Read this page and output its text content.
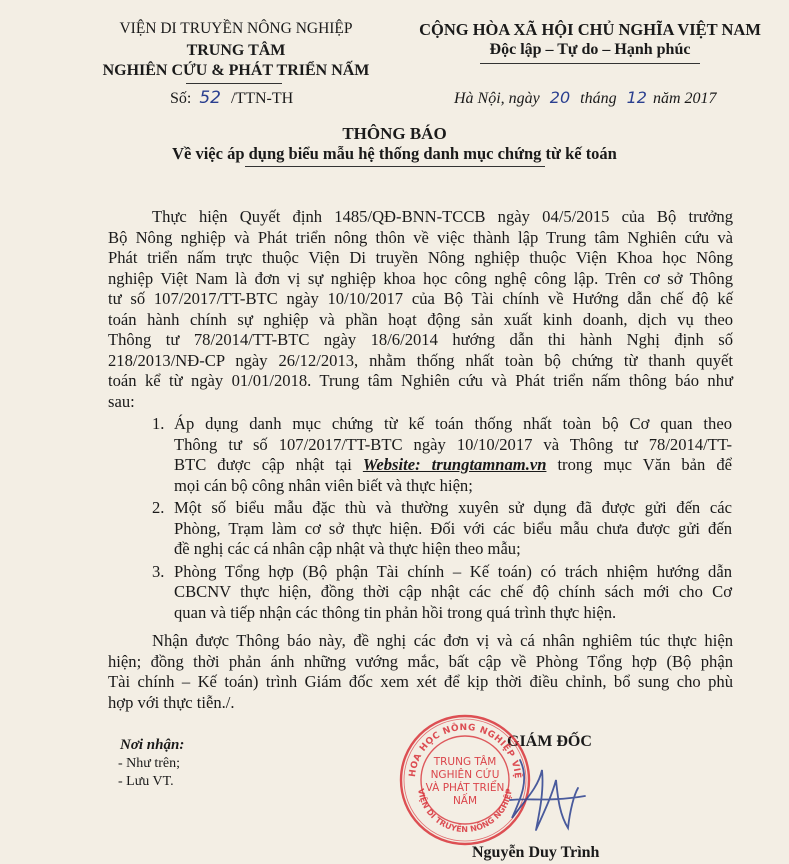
VIỆN DI TRUYỀN NÔNG NGHIỆP
TRUNG TÂM
NGHIÊN CỨU & PHÁT TRIỂN NẤM
Số: 52 /TTN-TH
CỘNG HÒA XÃ HỘI CHỦ NGHĨA VIỆT NAM
Độc lập – Tự do – Hạnh phúc
Hà Nội, ngày 20 tháng 12 năm 2017
THÔNG BÁO
Về việc áp dụng biểu mẫu hệ thống danh mục chứng từ kế toán
Thực hiện Quyết định 1485/QĐ-BNN-TCCB ngày 04/5/2015 của Bộ trưởng
Bộ Nông nghiệp và Phát triển nông thôn về việc thành lập Trung tâm Nghiên cứu và
Phát triển nấm trực thuộc Viện Di truyền Nông nghiệp thuộc Viện Khoa học Nông
nghiệp Việt Nam là đơn vị sự nghiệp khoa học công nghệ công lập. Trên cơ sở Thông
tư số 107/2017/TT-BTC ngày 10/10/2017 của Bộ Tài chính về Hướng dẫn chế độ kế
toán hành chính sự nghiệp và phần hoạt động sản xuất kinh doanh, dịch vụ theo
Thông tư 78/2014/TT-BTC ngày 18/6/2014 hướng dẫn thi hành Nghị định số
218/2013/NĐ-CP ngày 26/12/2013, nhằm thống nhất toàn bộ chứng từ thanh quyết
toán kể từ ngày 01/01/2018. Trung tâm Nghiên cứu và Phát triển nấm thông báo như
sau:
1. Áp dụng danh mục chứng từ kế toán thống nhất toàn bộ Cơ quan theo
Thông tư số 107/2017/TT-BTC ngày 10/10/2017 và Thông tư 78/2014/TT-
BTC được cập nhật tại Website: trungtamnam.vn trong mục Văn bản để
mọi cán bộ công nhân viên biết và thực hiện;
2. Một số biểu mẫu đặc thù và thường xuyên sử dụng đã được gửi đến các
Phòng, Trạm làm cơ sở thực hiện. Đối với các biểu mẫu chưa được gửi đến
đề nghị các cá nhân cập nhật và thực hiện theo mẫu;
3. Phòng Tổng hợp (Bộ phận Tài chính – Kế toán) có trách nhiệm hướng dẫn
CBCNV thực hiện, đồng thời cập nhật các chế độ chính sách mới cho Cơ
quan và tiếp nhận các thông tin phản hồi trong quá trình thực hiện.
Nhận được Thông báo này, đề nghị các đơn vị và cá nhân nghiêm túc thực hiện
hiện; đồng thời phản ánh những vướng mắc, bất cập về Phòng Tổng hợp (Bộ phận
Tài chính – Kế toán) trình Giám đốc xem xét để kịp thời điều chỉnh, bổ sung cho phù
hợp với thực tiễn./.
Nơi nhận:
- Như trên;
- Lưu VT.
GIÁM ĐỐC
HOA HỌC NÔNG NGHIỆP VIỆ
VIỆN DI TRUYỀN NÔNG NGHIỆP
TRUNG TÂM
NGHIÊN CỨU
VÀ PHÁT TRIỂN
NẤM
Nguyễn Duy Trình
